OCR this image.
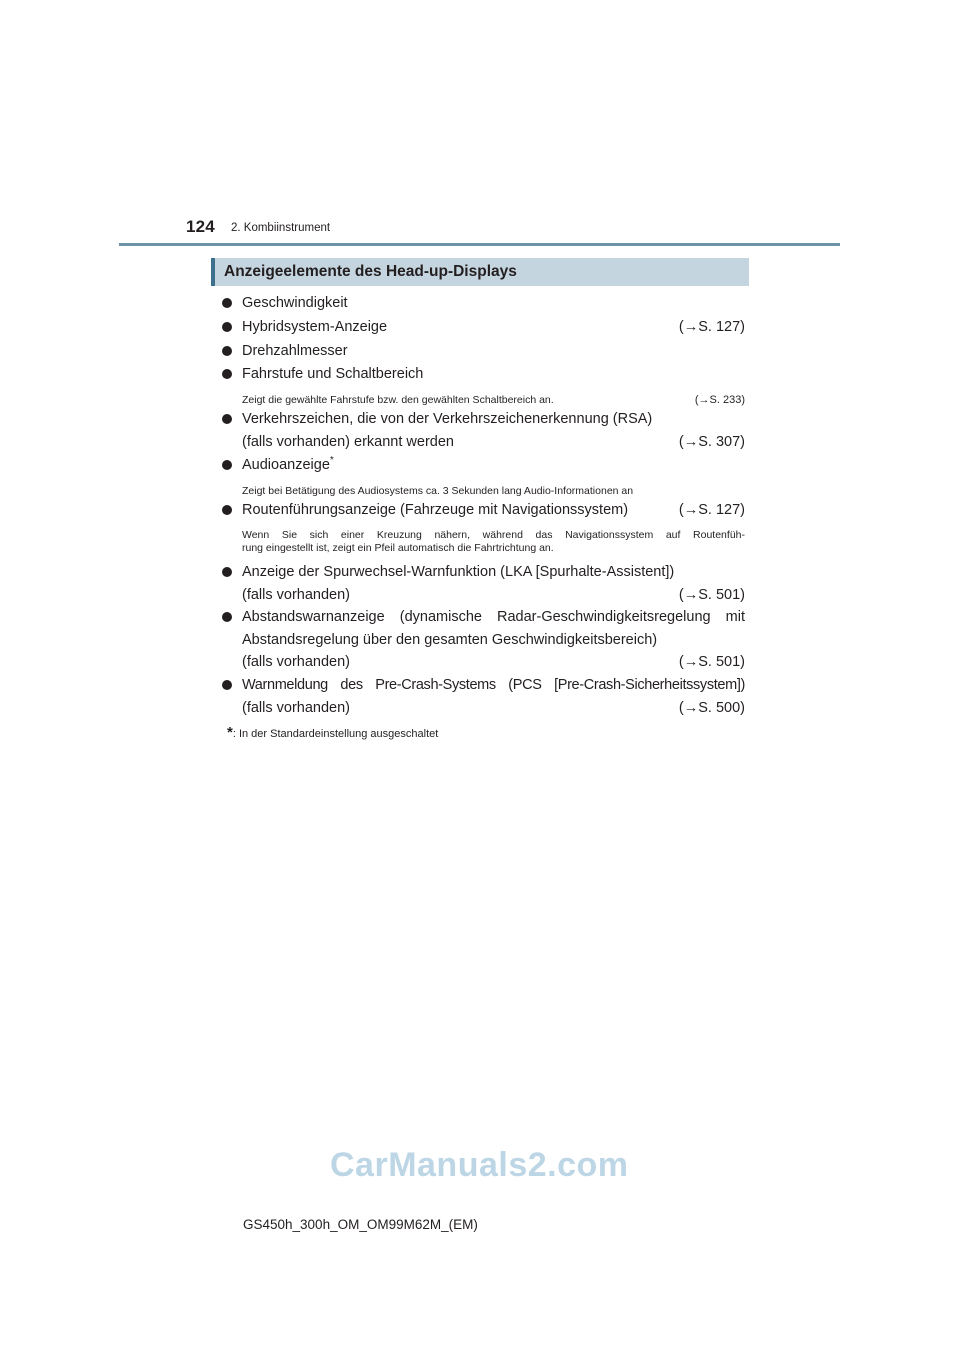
124 2. Kombiinstrument
Anzeigeelemente des Head-up-Displays
Geschwindigkeit
Hybridsystem-Anzeige	(→S. 127)
Drehzahlmesser
Fahrstufe und Schaltbereich
Zeigt die gewählte Fahrstufe bzw. den gewählten Schaltbereich an.	(→S. 233)
Verkehrszeichen, die von der Verkehrszeichenerkennung (RSA)
(falls vorhanden) erkannt werden	(→S. 307)
Audioanzeige*
Zeigt bei Betätigung des Audiosystems ca. 3 Sekunden lang Audio-Informationen an
Routenführungsanzeige (Fahrzeuge mit Navigationssystem)	(→S. 127)
Wenn Sie sich einer Kreuzung nähern, während das Navigationssystem auf Routenfüh-
rung eingestellt ist, zeigt ein Pfeil automatisch die Fahrtrichtung an.
Anzeige der Spurwechsel-Warnfunktion (LKA [Spurhalte-Assistent])
(falls vorhanden)	(→S. 501)
Abstandswarnanzeige (dynamische Radar-Geschwindigkeitsregelung mit
Abstandsregelung über den gesamten Geschwindigkeitsbereich)
(falls vorhanden)	(→S. 501)
Warnmeldung des Pre-Crash-Systems (PCS [Pre-Crash-Sicherheitssystem])
(falls vorhanden)	(→S. 500)
*: In der Standardeinstellung ausgeschaltet
CarManuals2.com
GS450h_300h_OM_OM99M62M_(EM)
